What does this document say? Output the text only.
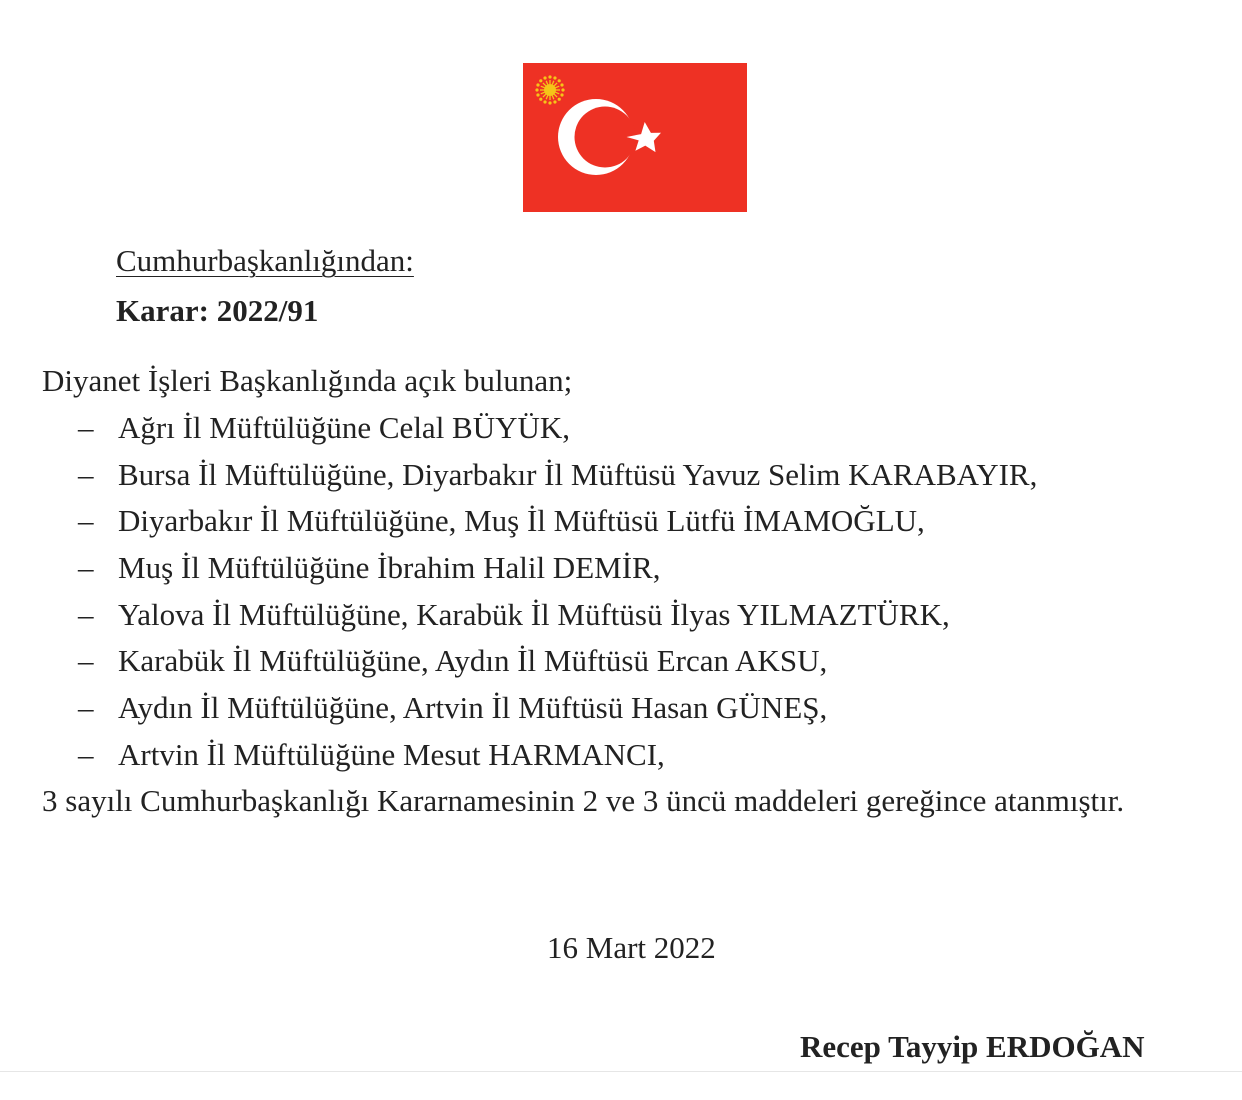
Cumhurbaşkanlığından:
Karar: 2022/91
Diyanet İşleri Başkanlığında açık bulunan;
– Ağrı İl Müftülüğüne Celal BÜYÜK,
– Bursa İl Müftülüğüne, Diyarbakır İl Müftüsü Yavuz Selim KARABAYIR,
– Diyarbakır İl Müftülüğüne, Muş İl Müftüsü Lütfü İMAMOĞLU,
– Muş İl Müftülüğüne İbrahim Halil DEMİR,
– Yalova İl Müftülüğüne, Karabük İl Müftüsü İlyas YILMAZTÜRK,
– Karabük İl Müftülüğüne, Aydın İl Müftüsü Ercan AKSU,
– Aydın İl Müftülüğüne, Artvin İl Müftüsü Hasan GÜNEŞ,
– Artvin İl Müftülüğüne Mesut HARMANCI,
3 sayılı Cumhurbaşkanlığı Kararnamesinin 2 ve 3 üncü maddeleri gereğince atanmıştır.
16 Mart 2022
Recep Tayyip ERDOĞAN
